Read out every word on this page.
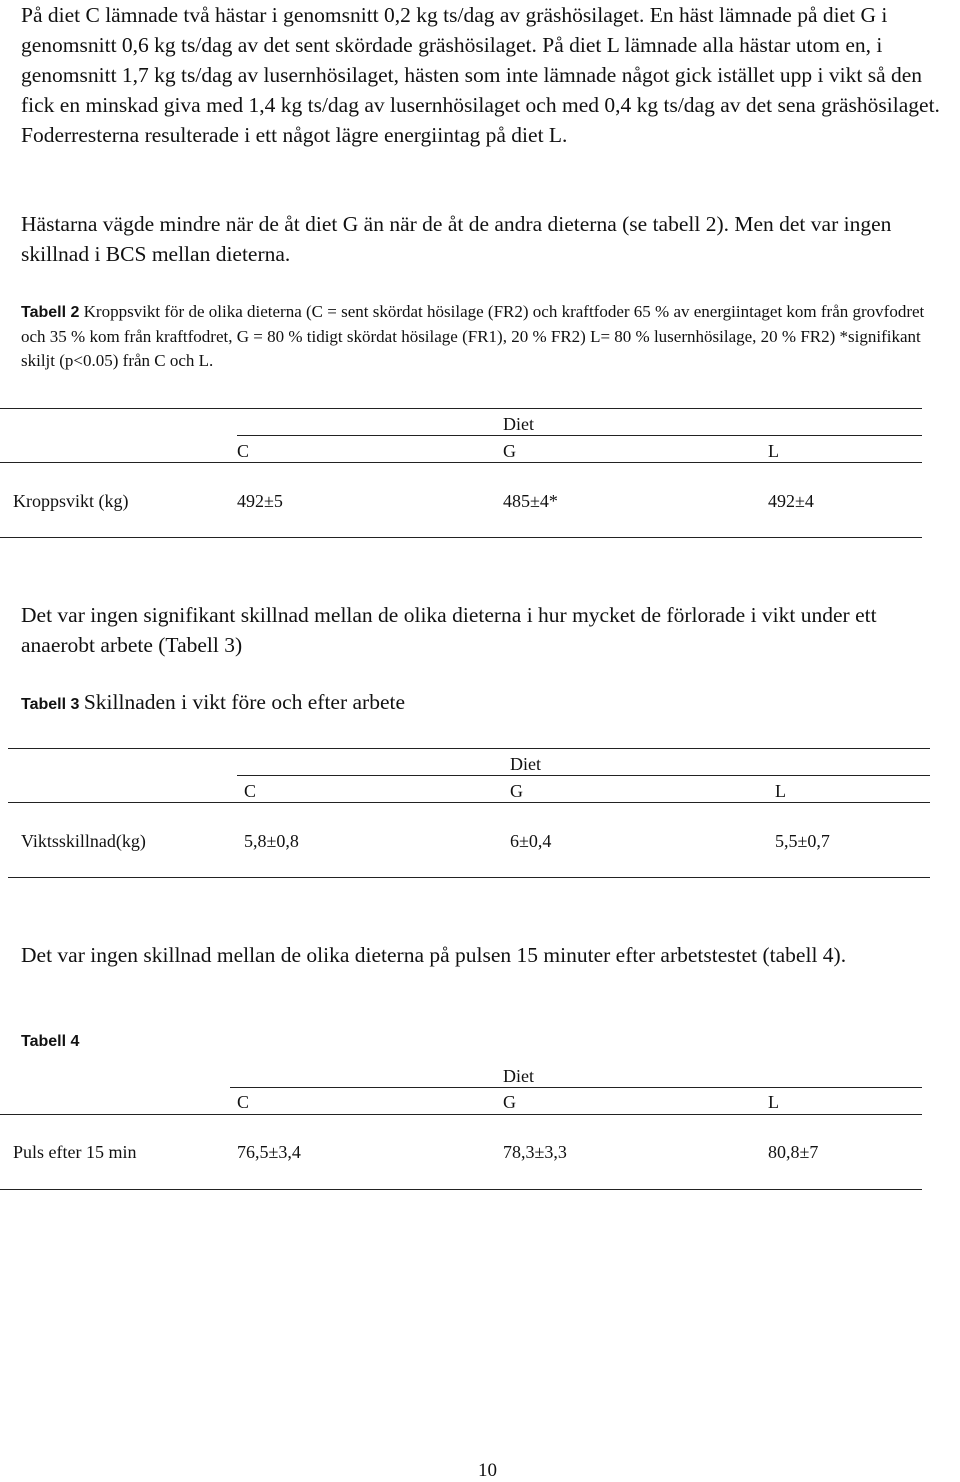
På diet C lämnade två hästar i genomsnitt 0,2 kg ts/dag av gräshösilaget. En häst lämnade på diet G i genomsnitt 0,6 kg ts/dag av det sent skördade gräshösilaget. På diet L lämnade alla hästar utom en, i genomsnitt 1,7 kg ts/dag av lusernhösilaget, hästen som inte lämnade något gick istället upp i vikt så den fick en minskad giva med 1,4 kg ts/dag av lusernhösilaget och med 0,4 kg ts/dag av det sena gräshösilaget. Foderresterna resulterade i ett något lägre energiintag på diet L.
Hästarna vägde mindre när de åt diet G än när de åt de andra dieterna (se tabell 2). Men det var ingen skillnad i BCS mellan dieterna.
Tabell 2 Kroppsvikt för de olika dieterna (C = sent skördat hösilage (FR2) och kraftfoder 65 % av energiintaget kom från grovfodret och 35 % kom från kraftfodret, G = 80 % tidigt skördat hösilage (FR1), 20 % FR2) L= 80 % lusernhösilage, 20 % FR2) *signifikant skiljt (p<0.05) från C och L.
Diet
C	G	L
Kroppsvikt (kg)	492±5	485±4*	492±4
Det var ingen signifikant skillnad mellan de olika dieterna i hur mycket de förlorade i vikt under ett anaerobt arbete (Tabell 3)
Tabell 3 Skillnaden i vikt före och efter arbete
Diet
C	G	L
Viktsskillnad(kg)	5,8±0,8	6±0,4	5,5±0,7
Det var ingen skillnad mellan de olika dieterna på pulsen 15 minuter efter arbetstestet (tabell 4).
Tabell 4
Diet
C	G	L
Puls efter 15 min	76,5±3,4	78,3±3,3	80,8±7
10
